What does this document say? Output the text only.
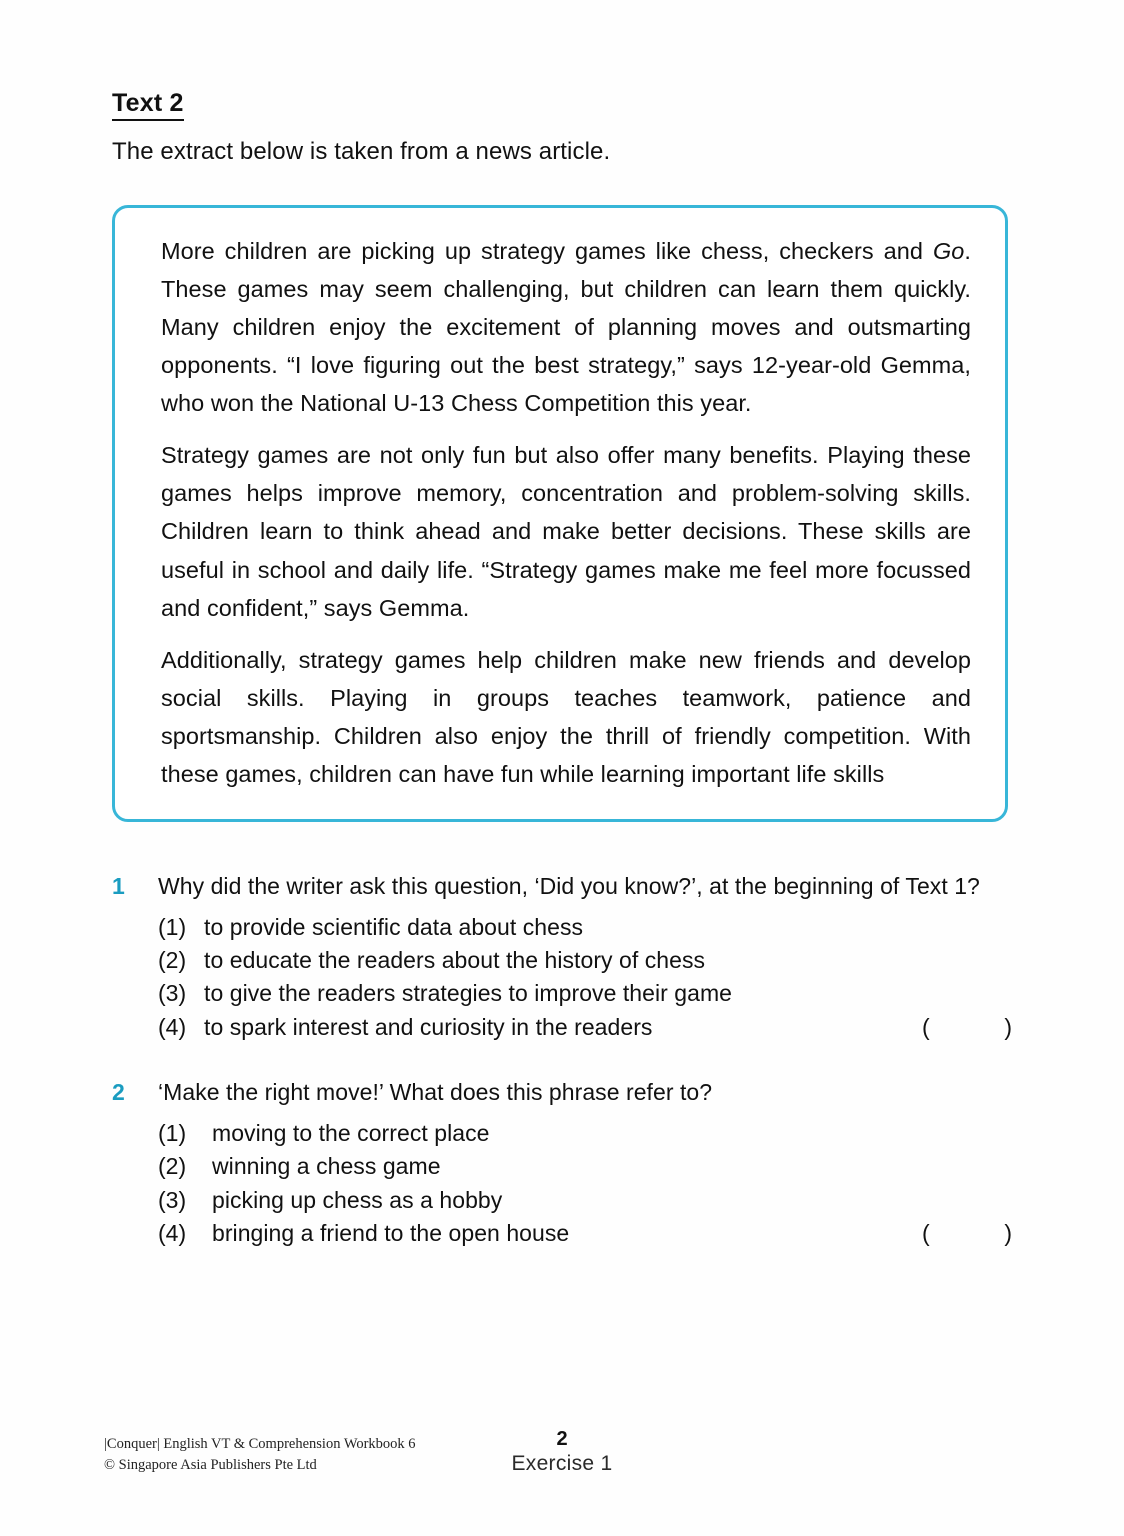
Text 2
The extract below is taken from a news article.

More children are picking up strategy games like chess, checkers and Go. These games may seem challenging, but children can learn them quickly. Many children enjoy the excitement of planning moves and outsmarting opponents. “I love figuring out the best strategy,” says 12-year-old Gemma, who won the National U-13 Chess Competition this year.

Strategy games are not only fun but also offer many benefits. Playing these games helps improve memory, concentration and problem-solving skills. Children learn to think ahead and make better decisions. These skills are useful in school and daily life. “Strategy games make me feel more focussed and confident,” says Gemma.

Additionally, strategy games help children make new friends and develop social skills. Playing in groups teaches teamwork, patience and sportsmanship. Children also enjoy the thrill of friendly competition. With these games, children can have fun while learning important life skills

1	Why did the writer ask this question, ‘Did you know?’, at the beginning of Text 1?
(1) to provide scientific data about chess
(2) to educate the readers about the history of chess
(3) to give the readers strategies to improve their game
(4) to spark interest and curiosity in the readers	(	)
2	‘Make the right move!’ What does this phrase refer to?
(1)	moving to the correct place
(2)	winning a chess game
(3)	picking up chess as a hobby
(4)	bringing a friend to the open house	(	)
|Conquer| English VT & Comprehension Workbook 6
© Singapore Asia Publishers Pte Ltd
2
Exercise 1
